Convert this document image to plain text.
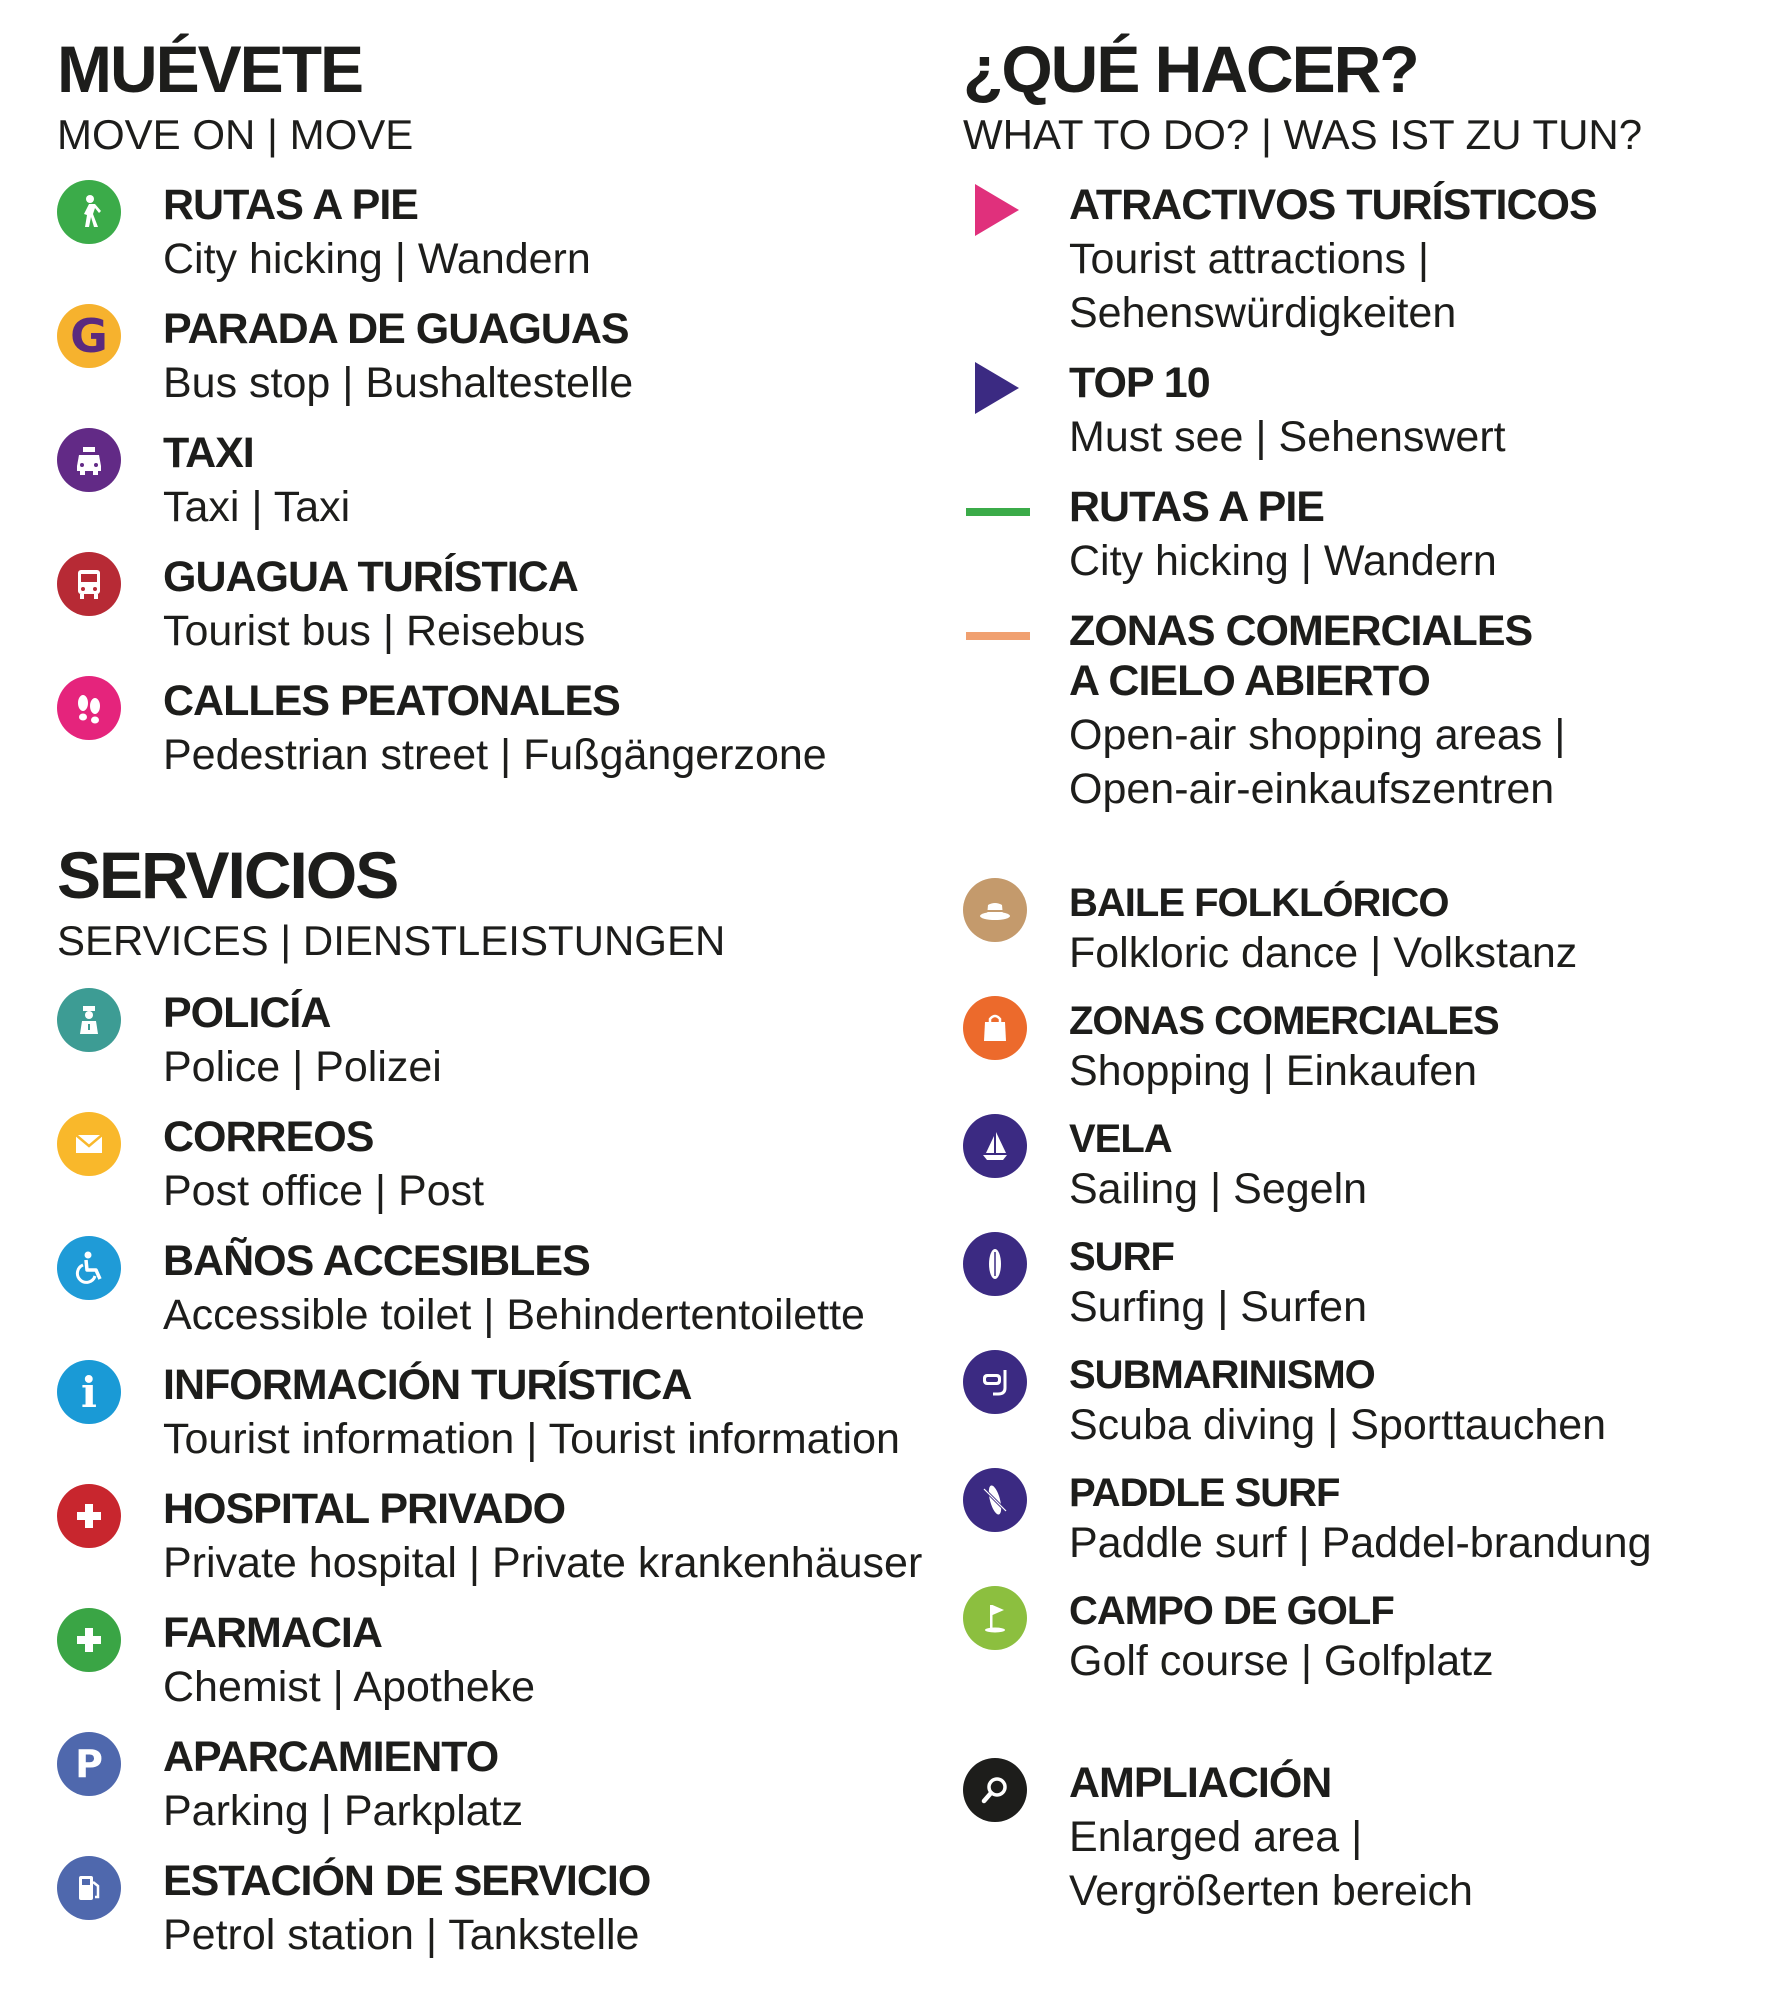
MUÉVETE
MOVE ON | MOVE
RUTAS A PIE
City hicking | Wandern
G PARADA DE GUAGUAS
Bus stop | Bushaltestelle
TAXI
Taxi | Taxi
GUAGUA TURÍSTICA
Tourist bus | Reisebus
CALLES PEATONALES
Pedestrian street | Fußgängerzone
SERVICIOS
SERVICES | DIENSTLEISTUNGEN
POLICÍA
Police | Polizei
CORREOS
Post office | Post
BAÑOS ACCESIBLES
Accessible toilet | Behindertentoilette
i INFORMACIÓN TURÍSTICA
Tourist information | Tourist information
HOSPITAL PRIVADO
Private hospital | Private krankenhäuser
FARMACIA
Chemist | Apotheke
P APARCAMIENTO
Parking | Parkplatz
ESTACIÓN DE SERVICIO
Petrol station | Tankstelle
¿QUÉ HACER?
WHAT TO DO? | WAS IST ZU TUN?
ATRACTIVOS TURÍSTICOS
Tourist attractions |
Sehenswürdigkeiten
TOP 10
Must see | Sehenswert
RUTAS A PIE
City hicking | Wandern
ZONAS COMERCIALES
A CIELO ABIERTO
Open-air shopping areas |
Open-air-einkaufszentren
BAILE FOLKLÓRICO
Folkloric dance | Volkstanz
ZONAS COMERCIALES
Shopping | Einkaufen
VELA
Sailing | Segeln
SURF
Surfing | Surfen
SUBMARINISMO
Scuba diving | Sporttauchen
PADDLE SURF
Paddle surf | Paddel-brandung
CAMPO DE GOLF
Golf course | Golfplatz
AMPLIACIÓN
Enlarged area |
Vergrößerten bereich
